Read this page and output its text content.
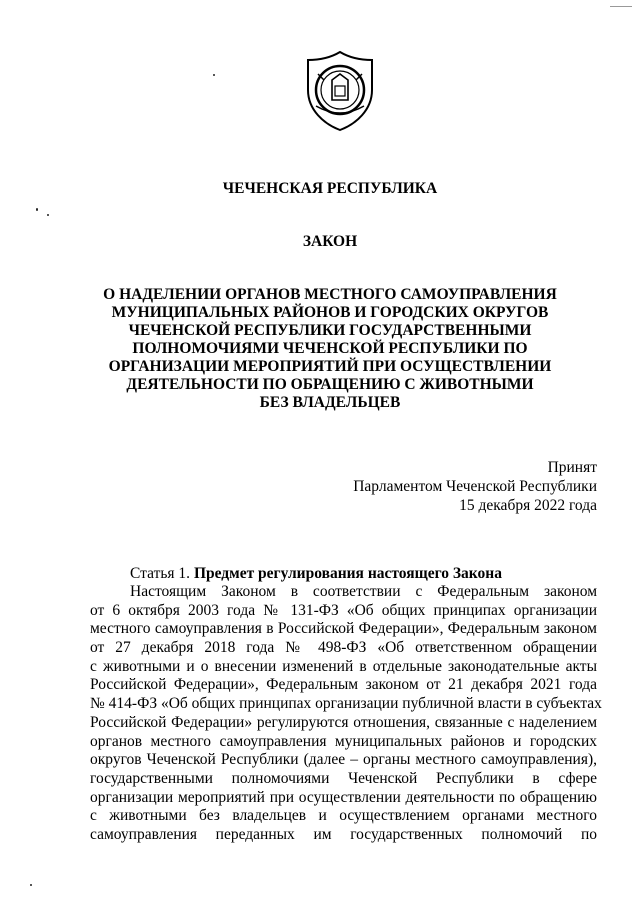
ЧЕЧЕНСКАЯ РЕСПУБЛИКА
ЗАКОН
О НАДЕЛЕНИИ ОРГАНОВ МЕСТНОГО САМОУПРАВЛЕНИЯ
МУНИЦИПАЛЬНЫХ РАЙОНОВ И ГОРОДСКИХ ОКРУГОВ
ЧЕЧЕНСКОЙ РЕСПУБЛИКИ ГОСУДАРСТВЕННЫМИ
ПОЛНОМОЧИЯМИ ЧЕЧЕНСКОЙ РЕСПУБЛИКИ ПО
ОРГАНИЗАЦИИ МЕРОПРИЯТИЙ ПРИ ОСУЩЕСТВЛЕНИИ
ДЕЯТЕЛЬНОСТИ ПО ОБРАЩЕНИЮ С ЖИВОТНЫМИ
БЕЗ ВЛАДЕЛЬЦЕВ
Принят
Парламентом Чеченской Республики
15 декабря 2022 года
Статья 1. Предмет регулирования настоящего Закона
Настоящим Законом в соответствии с Федеральным законом
от 6 октября 2003 года № 131-ФЗ «Об общих принципах организации
местного самоуправления в Российской Федерации», Федеральным законом
от 27 декабря 2018 года № 498-ФЗ «Об ответственном обращении
с животными и о внесении изменений в отдельные законодательные акты
Российской Федерации», Федеральным законом от 21 декабря 2021 года
№ 414-ФЗ «Об общих принципах организации публичной власти в субъектах
Российской Федерации» регулируются отношения, связанные с наделением
органов местного самоуправления муниципальных районов и городских
округов Чеченской Республики (далее – органы местного самоуправления),
государственными полномочиями Чеченской Республики в сфере
организации мероприятий при осуществлении деятельности по обращению
с животными без владельцев и осуществлением органами местного
самоуправления переданных им государственных полномочий по
